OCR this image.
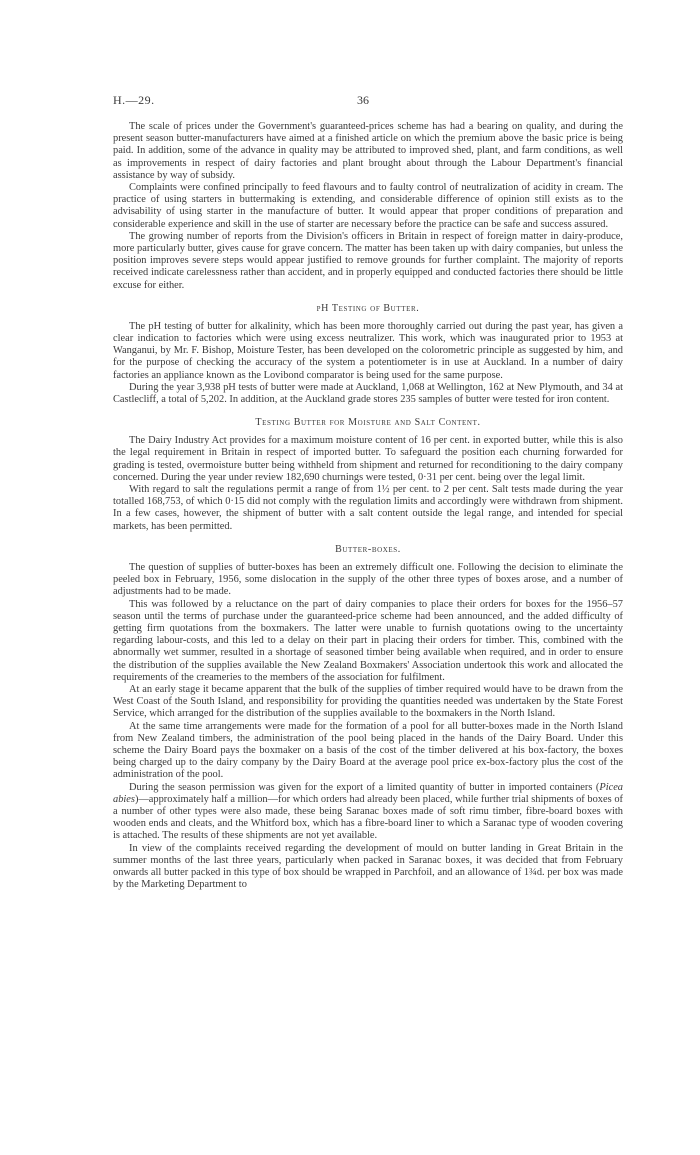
H.—29.	36

The scale of prices under the Government's guaranteed-prices scheme has had a bearing on quality, and during the present season butter-manufacturers have aimed at a finished article on which the premium above the basic price is being paid. In addition, some of the advance in quality may be attributed to improved shed, plant, and farm conditions, as well as improvements in respect of dairy factories and plant brought about through the Labour Department's financial assistance by way of subsidy.

Complaints were confined principally to feed flavours and to faulty control of neutralization of acidity in cream. The practice of using starters in buttermaking is extending, and considerable difference of opinion still exists as to the advisability of using starter in the manufacture of butter. It would appear that proper conditions of preparation and considerable experience and skill in the use of starter are necessary before the practice can be safe and success assured.

The growing number of reports from the Division's officers in Britain in respect of foreign matter in dairy-produce, more particularly butter, gives cause for grave concern. The matter has been taken up with dairy companies, but unless the position improves severe steps would appear justified to remove grounds for further complaint. The majority of reports received indicate carelessness rather than accident, and in properly equipped and conducted factories there should be little excuse for either.

pH Testing of Butter.

The pH testing of butter for alkalinity, which has been more thoroughly carried out during the past year, has given a clear indication to factories which were using excess neutralizer. This work, which was inaugurated prior to 1953 at Wanganui, by Mr. F. Bishop, Moisture Tester, has been developed on the colorometric principle as suggested by him, and for the purpose of checking the accuracy of the system a potentiometer is in use at Auckland. In a number of dairy factories an appliance known as the Lovibond comparator is being used for the same purpose.

During the year 3,938 pH tests of butter were made at Auckland, 1,068 at Wellington, 162 at New Plymouth, and 34 at Castlecliff, a total of 5,202. In addition, at the Auckland grade stores 235 samples of butter were tested for iron content.

Testing Butter for Moisture and Salt Content.

The Dairy Industry Act provides for a maximum moisture content of 16 per cent. in exported butter, while this is also the legal requirement in Britain in respect of imported butter. To safeguard the position each churning forwarded for grading is tested, overmoisture butter being withheld from shipment and returned for reconditioning to the dairy company concerned. During the year under review 182,690 churnings were tested, 0·31 per cent. being over the legal limit.

With regard to salt the regulations permit a range of from 1½ per cent. to 2 per cent. Salt tests made during the year totalled 168,753, of which 0·15 did not comply with the regulation limits and accordingly were withdrawn from shipment. In a few cases, however, the shipment of butter with a salt content outside the legal range, and intended for special markets, has been permitted.

Butter-boxes.

The question of supplies of butter-boxes has been an extremely difficult one. Following the decision to eliminate the peeled box in February, 1956, some dislocation in the supply of the other three types of boxes arose, and a number of adjustments had to be made.

This was followed by a reluctance on the part of dairy companies to place their orders for boxes for the 1956–57 season until the terms of purchase under the guaranteed-price scheme had been announced, and the added difficulty of getting firm quotations from the boxmakers. The latter were unable to furnish quotations owing to the uncertainty regarding labour-costs, and this led to a delay on their part in placing their orders for timber. This, combined with the abnormally wet summer, resulted in a shortage of seasoned timber being available when required, and in order to ensure the distribution of the supplies available the New Zealand Boxmakers' Association undertook this work and allocated the requirements of the creameries to the members of the association for fulfilment.

At an early stage it became apparent that the bulk of the supplies of timber required would have to be drawn from the West Coast of the South Island, and responsibility for providing the quantities needed was undertaken by the State Forest Service, which arranged for the distribution of the supplies available to the boxmakers in the North Island.

At the same time arrangements were made for the formation of a pool for all butter-boxes made in the North Island from New Zealand timbers, the administration of the pool being placed in the hands of the Dairy Board. Under this scheme the Dairy Board pays the boxmaker on a basis of the cost of the timber delivered at his box-factory, the boxes being charged up to the dairy company by the Dairy Board at the average pool price ex-box-factory plus the cost of the administration of the pool.

During the season permission was given for the export of a limited quantity of butter in imported containers (Picea abies)—approximately half a million—for which orders had already been placed, while further trial shipments of boxes of a number of other types were also made, these being Saranac boxes made of soft rimu timber, fibre-board boxes with wooden ends and cleats, and the Whitford box, which has a fibre-board liner to which a Saranac type of wooden covering is attached. The results of these shipments are not yet available.

In view of the complaints received regarding the development of mould on butter landing in Great Britain in the summer months of the last three years, particularly when packed in Saranac boxes, it was decided that from February onwards all butter packed in this type of box should be wrapped in Parchfoil, and an allowance of 1¾d. per box was made by the Marketing Department to
